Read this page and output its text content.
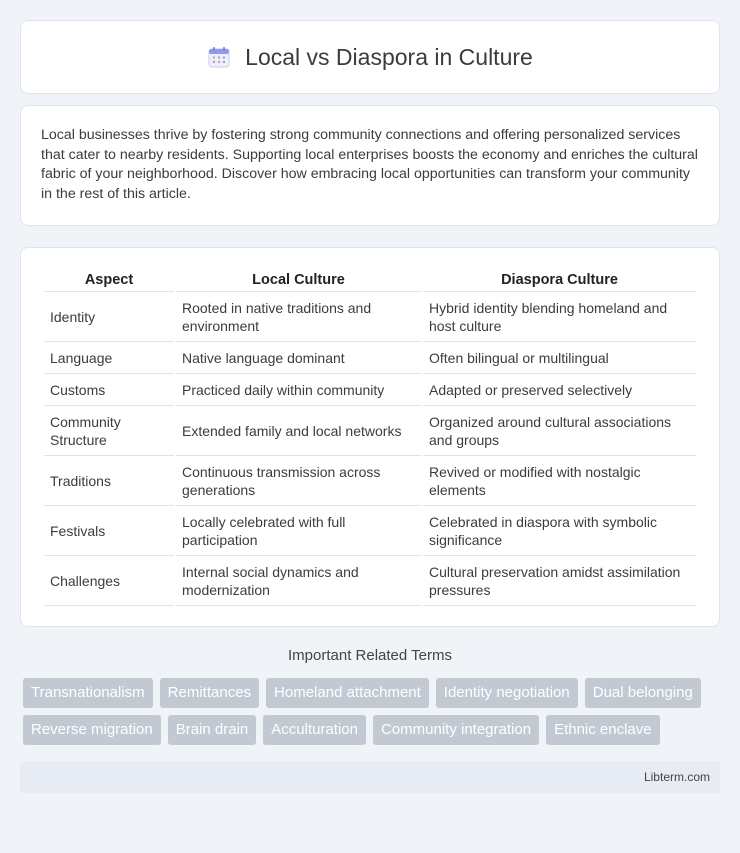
Local vs Diaspora in Culture

Local businesses thrive by fostering strong community connections and offering personalized services that cater to nearby residents. Supporting local enterprises boosts the economy and enriches the cultural fabric of your neighborhood. Discover how embracing local opportunities can transform your community in the rest of this article.

Aspect	Local Culture	Diaspora Culture
Identity	Rooted in native traditions and environment	Hybrid identity blending homeland and host culture
Language	Native language dominant	Often bilingual or multilingual
Customs	Practiced daily within community	Adapted or preserved selectively
Community Structure	Extended family and local networks	Organized around cultural associations and groups
Traditions	Continuous transmission across generations	Revived or modified with nostalgic elements
Festivals	Locally celebrated with full participation	Celebrated in diaspora with symbolic significance
Challenges	Internal social dynamics and modernization	Cultural preservation amidst assimilation pressures
Important Related Terms
Transnationalism	Remittances	Homeland attachment	Identity negotiation	Dual belonging
Reverse migration	Brain drain	Acculturation	Community integration	Ethnic enclave
Libterm.com
